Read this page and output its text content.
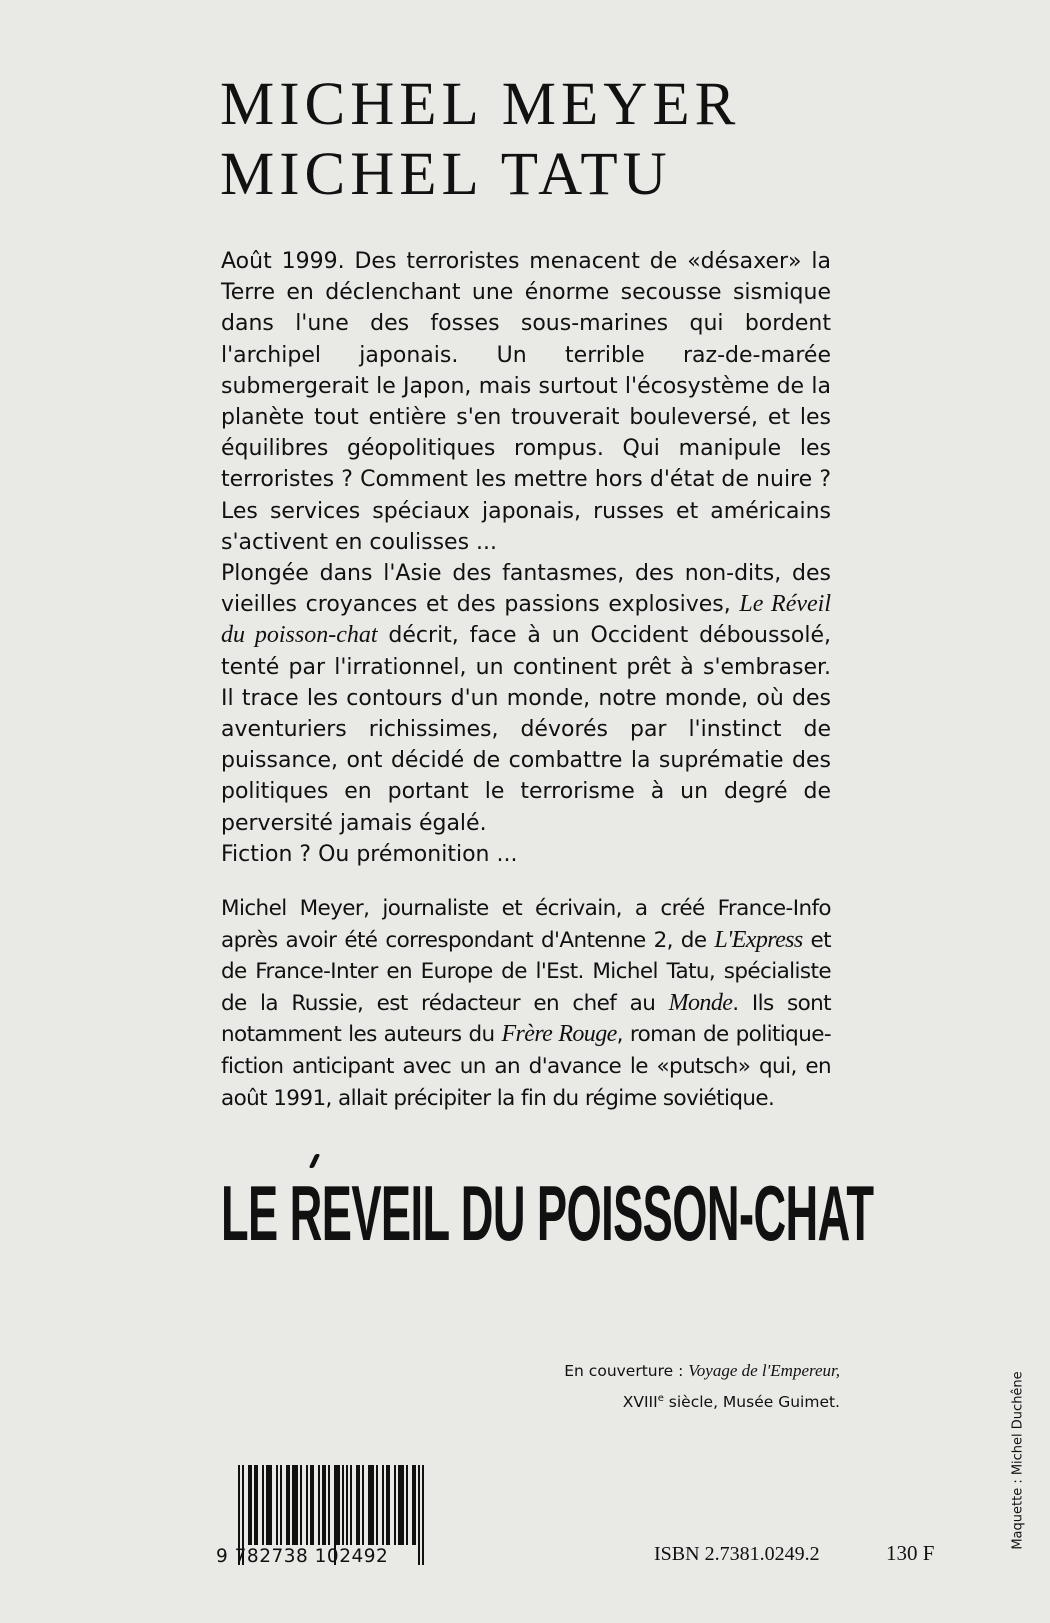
MICHEL MEYER
MICHEL TATU

Août 1999. Des terroristes menacent de «désaxer» la Terre en déclenchant une énorme secousse sismique dans l'une des fosses sous-marines qui bordent l'archipel japonais. Un terrible raz-de-marée submergerait le Japon, mais surtout l'écosystème de la planète tout entière s'en trouverait bouleversé, et les équilibres géopolitiques rompus. Qui manipule les terroristes ? Comment les mettre hors d'état de nuire ? Les services spéciaux japonais, russes et américains s'activent en coulisses ...

Plongée dans l'Asie des fantasmes, des non-dits, des vieilles croyances et des passions explosives, Le Réveil du poisson-chat décrit, face à un Occident déboussolé, tenté par l'irrationnel, un continent prêt à s'embraser. Il trace les contours d'un monde, notre monde, où des aventuriers richissimes, dévorés par l'instinct de puissance, ont décidé de combattre la suprématie des politiques en portant le terrorisme à un degré de perversité jamais égalé.

Fiction ? Ou prémonition ...

Michel Meyer, journaliste et écrivain, a créé France-Info après avoir été correspondant d'Antenne 2, de L'Express et de France-Inter en Europe de l'Est. Michel Tatu, spécialiste de la Russie, est rédacteur en chef au Monde. Ils sont notamment les auteurs du Frère Rouge, roman de politique-fiction anticipant avec un an d'avance le «putsch» qui, en août 1991, allait précipiter la fin du régime soviétique.

LE REVEIL DU POISSON-CHAT
En couverture : Voyage de l'Empereur,
XVIIIe siècle, Musée Guimet.
9 782738 102492	ISBN 2.7381.0249.2	130 F
Maquette : Michel Duchêne
